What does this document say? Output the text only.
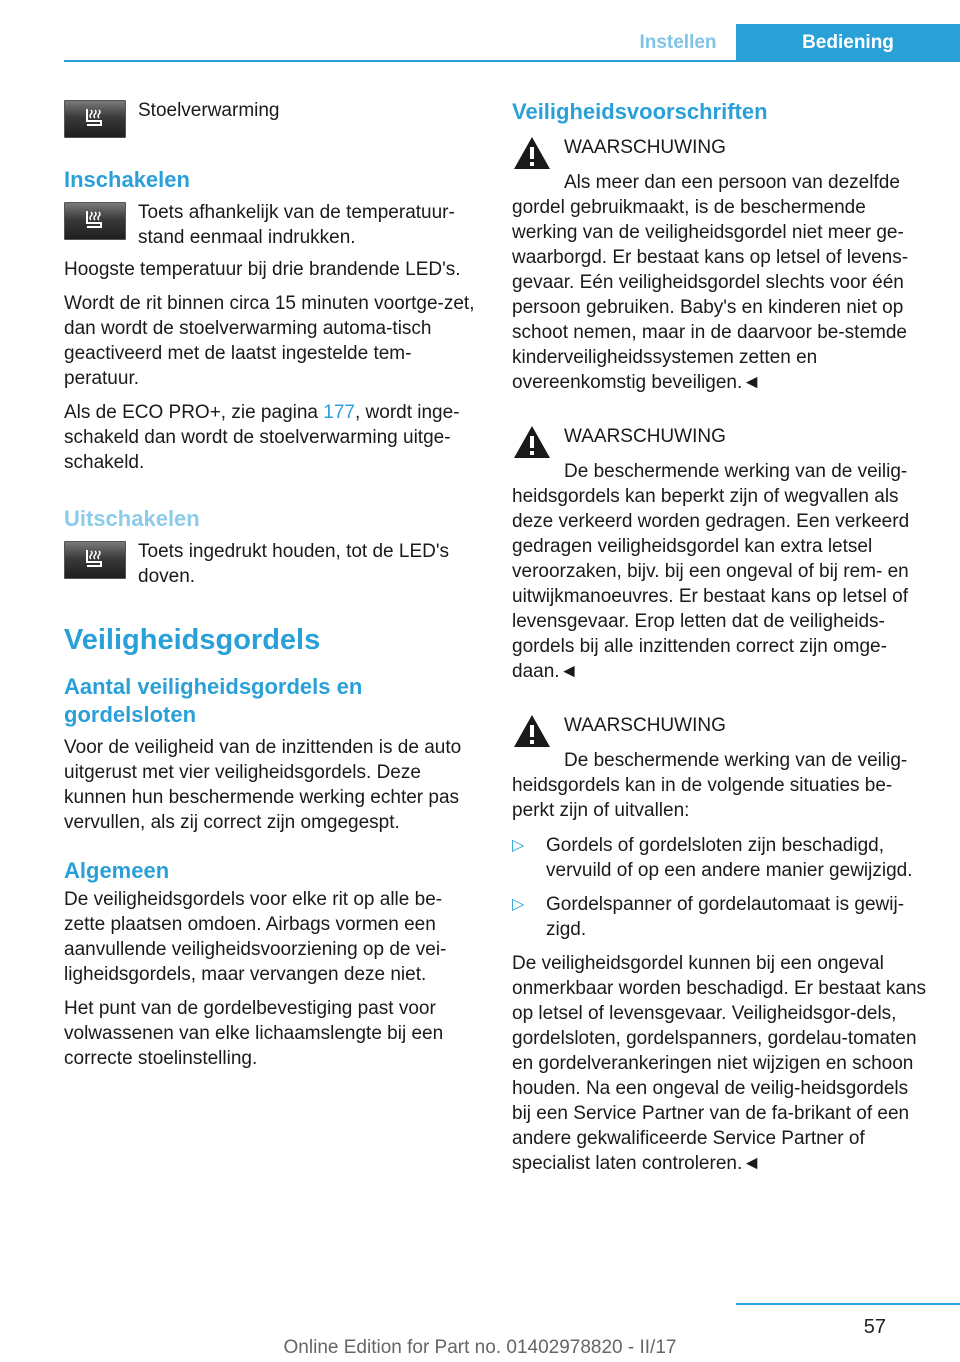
Instellen	Bediening
Stoelverwarming
Inschakelen
Toets afhankelijk van de temperatuur-stand eenmaal indrukken.

Hoogste temperatuur bij drie brandende LED's.

Wordt de rit binnen circa 15 minuten voortge-zet, dan wordt de stoelverwarming automa-tisch geactiveerd met de laatst ingestelde tem-peratuur.

Als de ECO PRO+, zie pagina 177, wordt inge-schakeld dan wordt de stoelverwarming uitge-schakeld.

Uitschakelen
Toets ingedrukt houden, tot de LED's doven.
Veiligheidsgordels
Aantal veiligheidsgordels en gordelsloten

Voor de veiligheid van de inzittenden is de auto uitgerust met vier veiligheidsgordels. Deze kunnen hun beschermende werking echter pas vervullen, als zij correct zijn omgegespt.

Algemeen

De veiligheidsgordels voor elke rit op alle be-zette plaatsen omdoen. Airbags vormen een aanvullende veiligheidsvoorziening op de vei-ligheidsgordels, maar vervangen deze niet.

Het punt van de gordelbevestiging past voor volwassenen van elke lichaamslengte bij een correcte stoelinstelling.

Veiligheidsvoorschriften
WAARSCHUWING

Als meer dan een persoon van dezelfde gordel gebruikmaakt, is de beschermende werking van de veiligheidsgordel niet meer ge-waarborgd. Er bestaat kans op letsel of levens-gevaar. Eén veiligheidsgordel slechts voor één persoon gebruiken. Baby's en kinderen niet op schoot nemen, maar in de daarvoor be-stemde kinderveiligheidssystemen zetten en overeenkomstig beveiligen.◄

WAARSCHUWING

De beschermende werking van de veilig-heidsgordels kan beperkt zijn of wegvallen als deze verkeerd worden gedragen. Een verkeerd gedragen veiligheidsgordel kan extra letsel veroorzaken, bijv. bij een ongeval of bij rem- en uitwijkmanoeuvres. Er bestaat kans op letsel of levensgevaar. Erop letten dat de veiligheids-gordels bij alle inzittenden correct zijn omge-daan.◄

WAARSCHUWING

De beschermende werking van de veilig-heidsgordels kan in de volgende situaties be-perkt zijn of uitvallen:

▷	Gordels of gordelsloten zijn beschadigd, vervuild of op een andere manier gewijzigd.
▷	Gordelspanner of gordelautomaat is gewij-zigd.

De veiligheidsgordel kunnen bij een ongeval onmerkbaar worden beschadigd. Er bestaat kans op letsel of levensgevaar. Veiligheidsgor-dels, gordelsloten, gordelspanners, gordelau-tomaten en gordelverankeringen niet wijzigen en schoon houden. Na een ongeval de veilig-heidsgordels bij een Service Partner van de fa-brikant of een andere gekwalificeerde Service Partner of specialist laten controleren.◄

57
Online Edition for Part no. 01402978820 - II/17
